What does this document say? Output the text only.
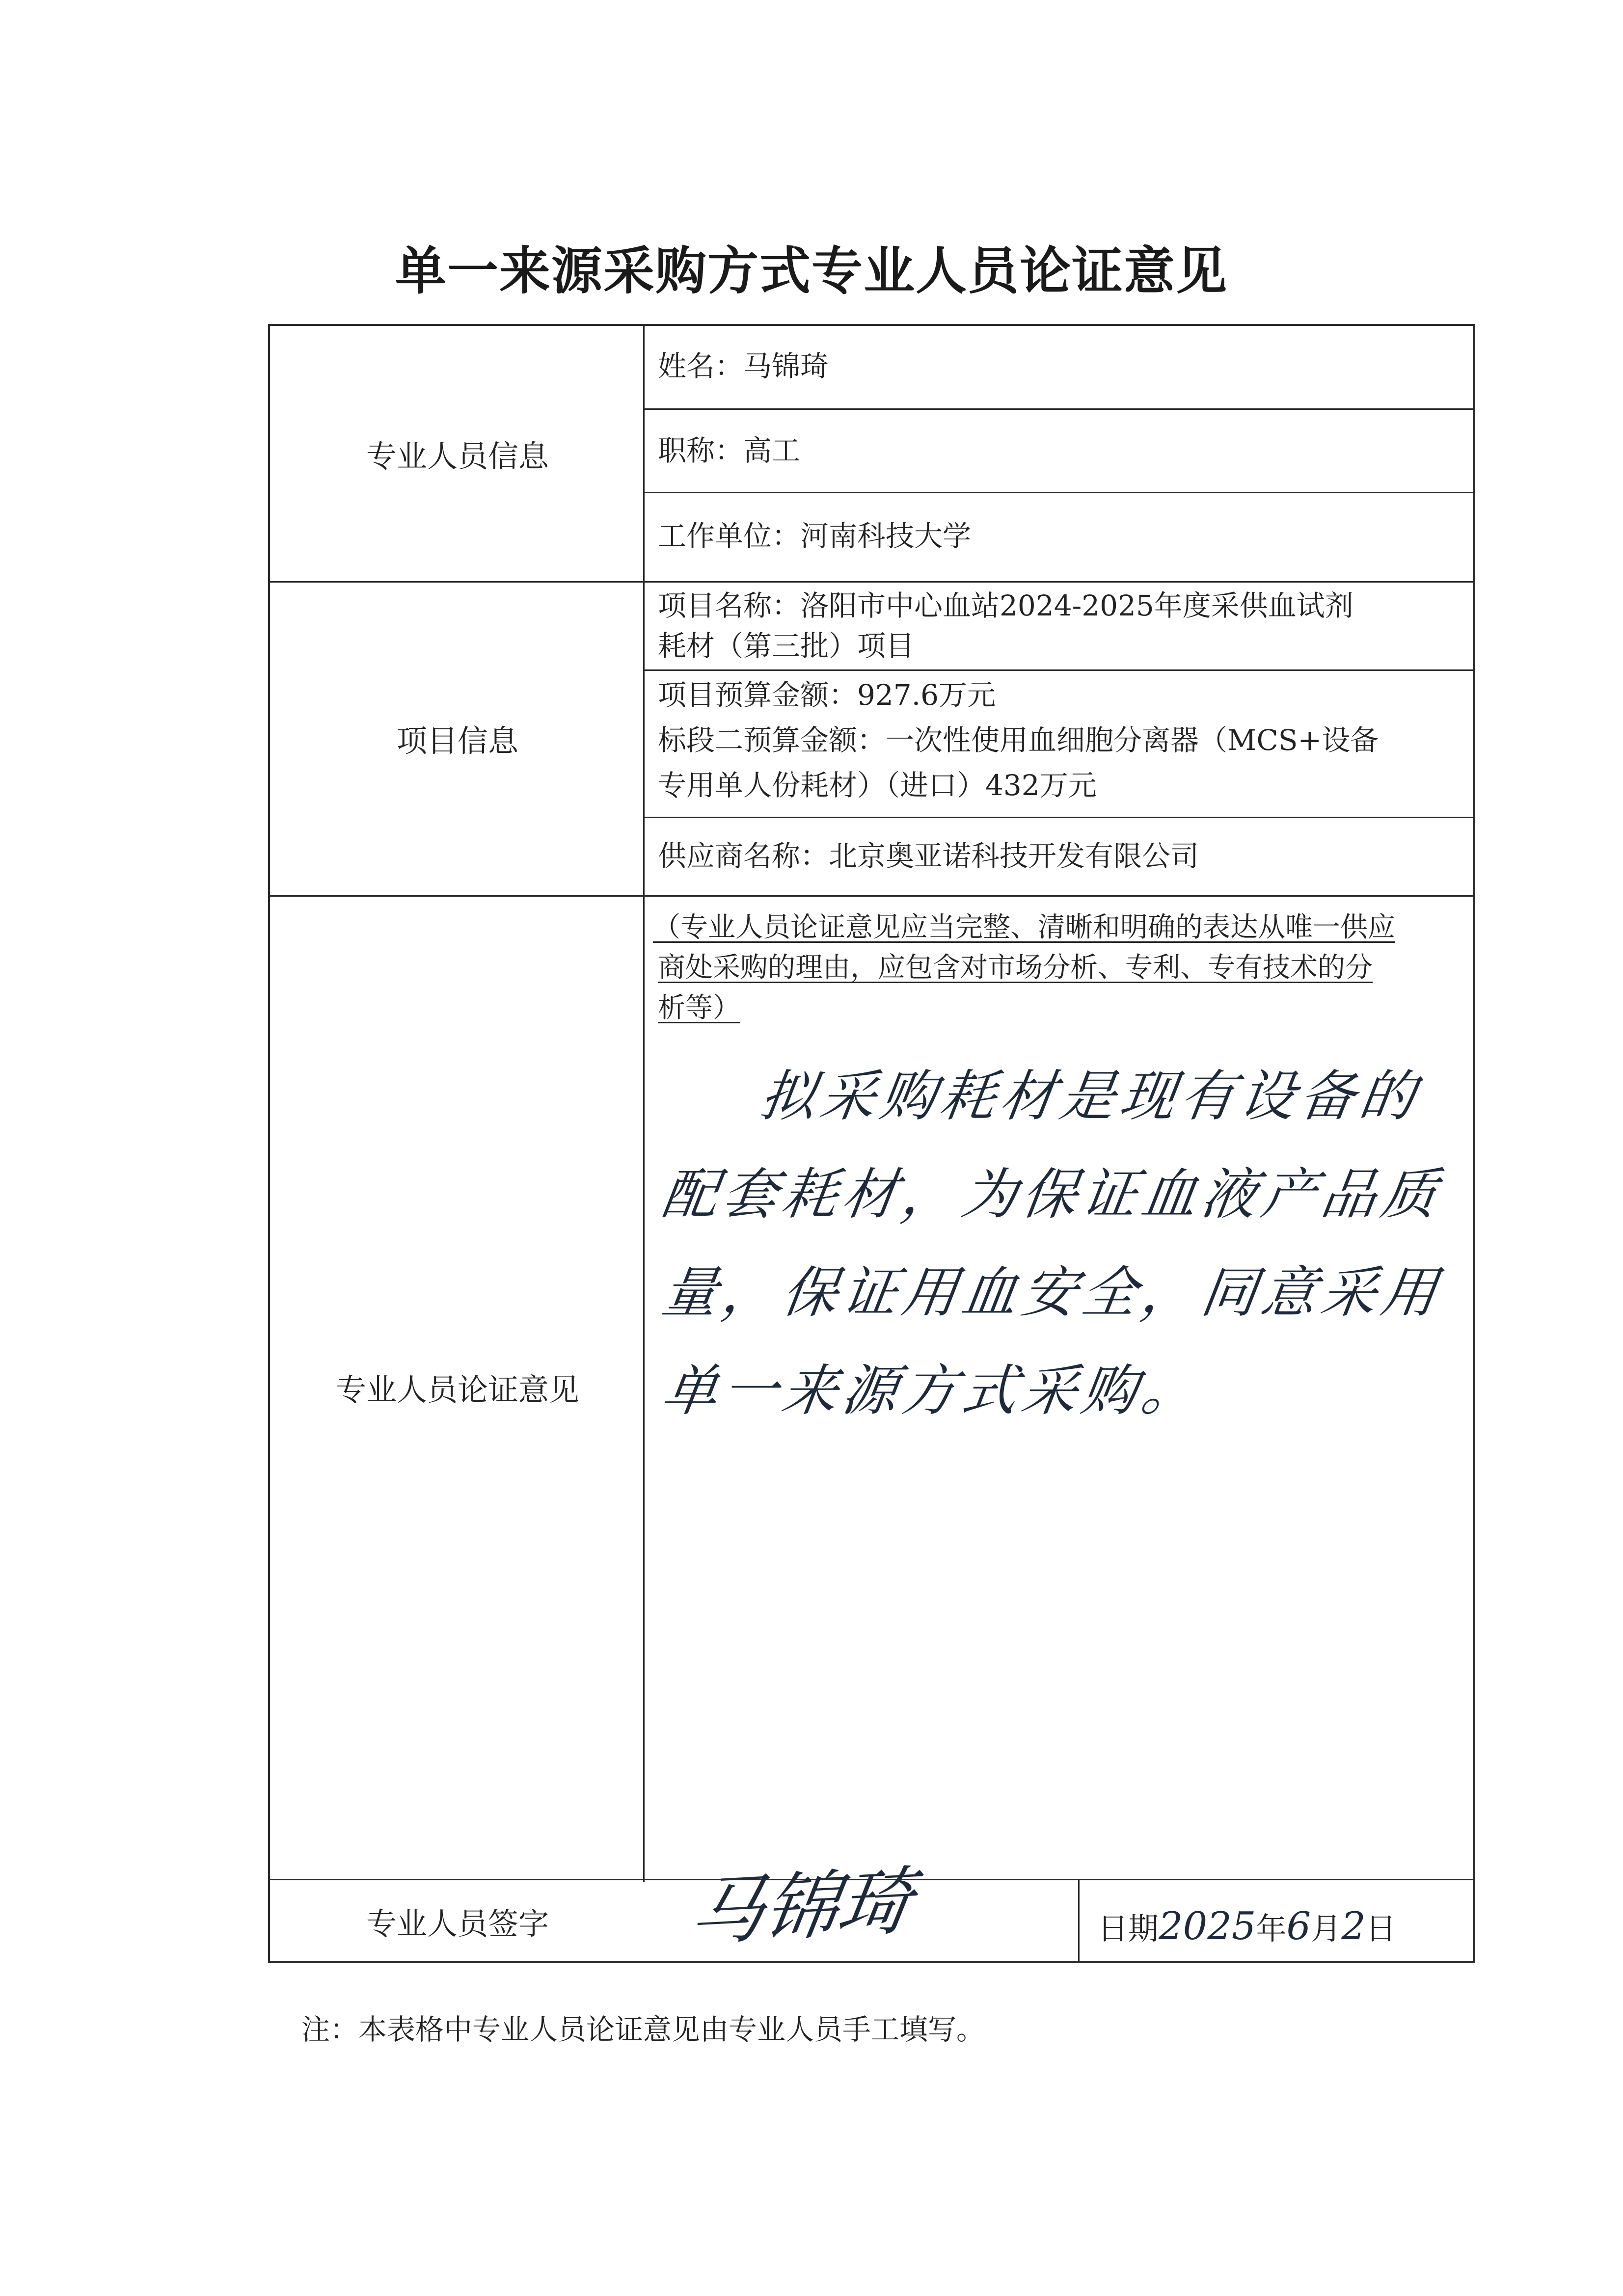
单一来源采购方式专业人员论证意见
专业人员信息
姓名：马锦琦
职称：高工
工作单位：河南科技大学
项目信息
项目名称：洛阳市中心血站2024-2025年度采供血试剂
耗材（第三批）项目
项目预算金额：927.6万元
标段二预算金额：一次性使用血细胞分离器（MCS+设备
专用单人份耗材）（进口）432万元
供应商名称：北京奥亚诺科技开发有限公司
专业人员论证意见
（专业人员论证意见应当完整、清晰和明确的表达从唯一供应
商处采购的理由，应包含对市场分析、专利、专有技术的分
析等）
拟采购耗材是现有设备的
配套耗材，为保证血液产品质
量，保证用血安全，同意采用
单一来源方式采购。
专业人员签字	马锦琦	日期2025年6月2日
注：本表格中专业人员论证意见由专业人员手工填写。
